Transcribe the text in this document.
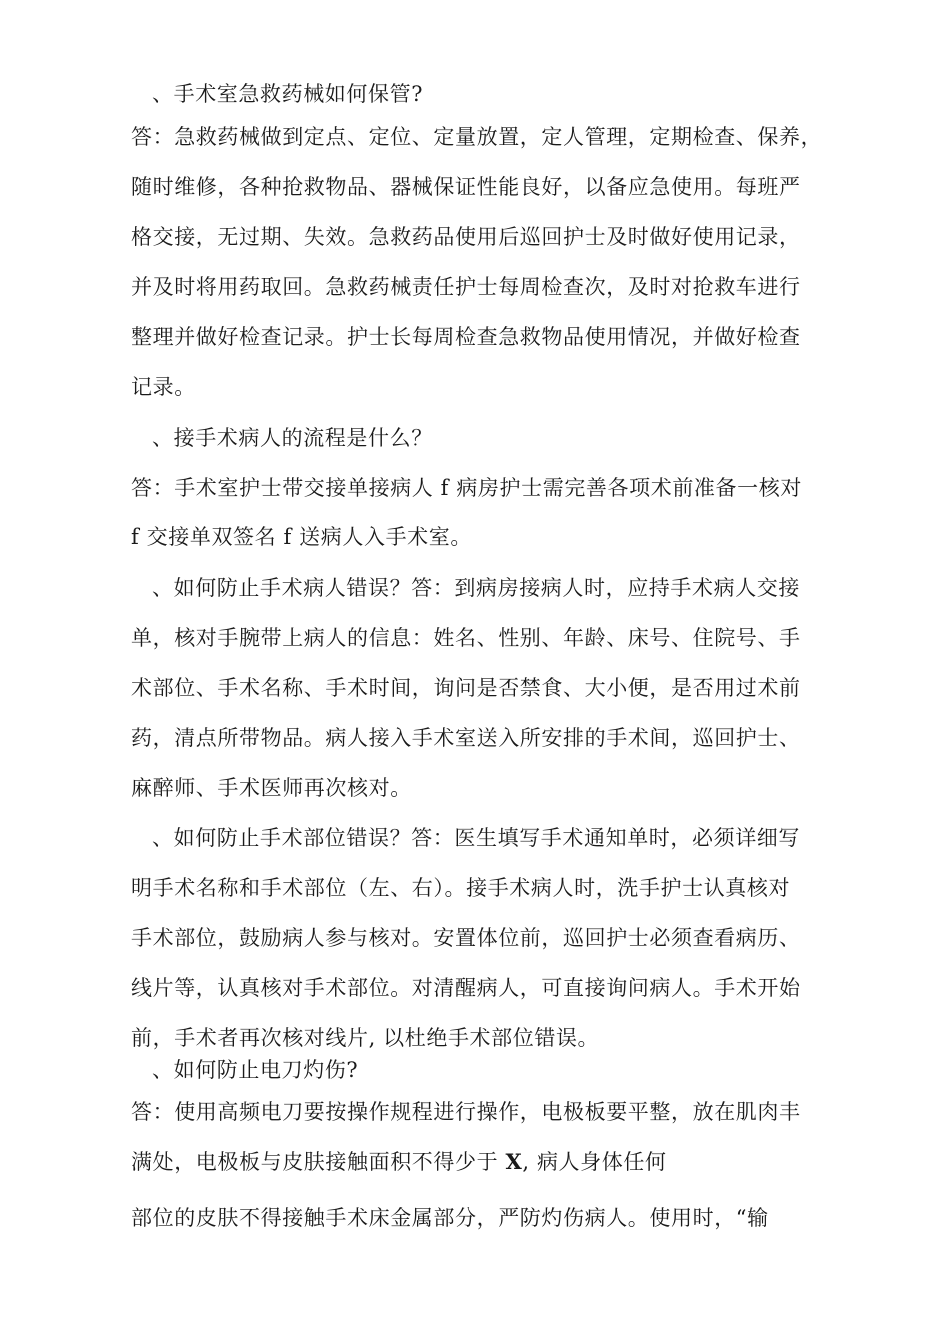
、手术室急救药械如何保管?
答：急救药械做到定点、定位、定量放置，定人管理，定期检查、保养，
随时维修，各种抢救物品、器械保证性能良好，以备应急使用。每班严
格交接，无过期、失效。急救药品使用后巡回护士及时做好使用记录，
并及时将用药取回。急救药械责任护士每周检查次，及时对抢救车进行
整理并做好检查记录。护士长每周检查急救物品使用情况，并做好检查
记录。
、接手术病人的流程是什么？
答：手术室护士带交接单接病人 f 病房护士需完善各项术前准备一核对
f 交接单双签名 f 送病人入手术室。
、如何防止手术病人错误？答：到病房接病人时，应持手术病人交接
单，核对手腕带上病人的信息：姓名、性别、年龄、床号、住院号、手
术部位、手术名称、手术时间，询问是否禁食、大小便，是否用过术前
药，清点所带物品。病人接入手术室送入所安排的手术间，巡回护士、
麻醉师、手术医师再次核对。
、如何防止手术部位错误？答：医生填写手术通知单时，必须详细写
明手术名称和手术部位（左、右）。接手术病人时，洗手护士认真核对
手术部位，鼓励病人参与核对。安置体位前，巡回护士必须查看病历、
线片等，认真核对手术部位。对清醒病人，可直接询问病人。手术开始
前，手术者再次核对线片, 以杜绝手术部位错误。
、如何防止电刀灼伤?
答：使用高频电刀要按操作规程进行操作，电极板要平整，放在肌肉丰
满处，电极板与皮肤接触面积不得少于 X, 病人身体任何
部位的皮肤不得接触手术床金属部分，严防灼伤病人。使用时，“输
